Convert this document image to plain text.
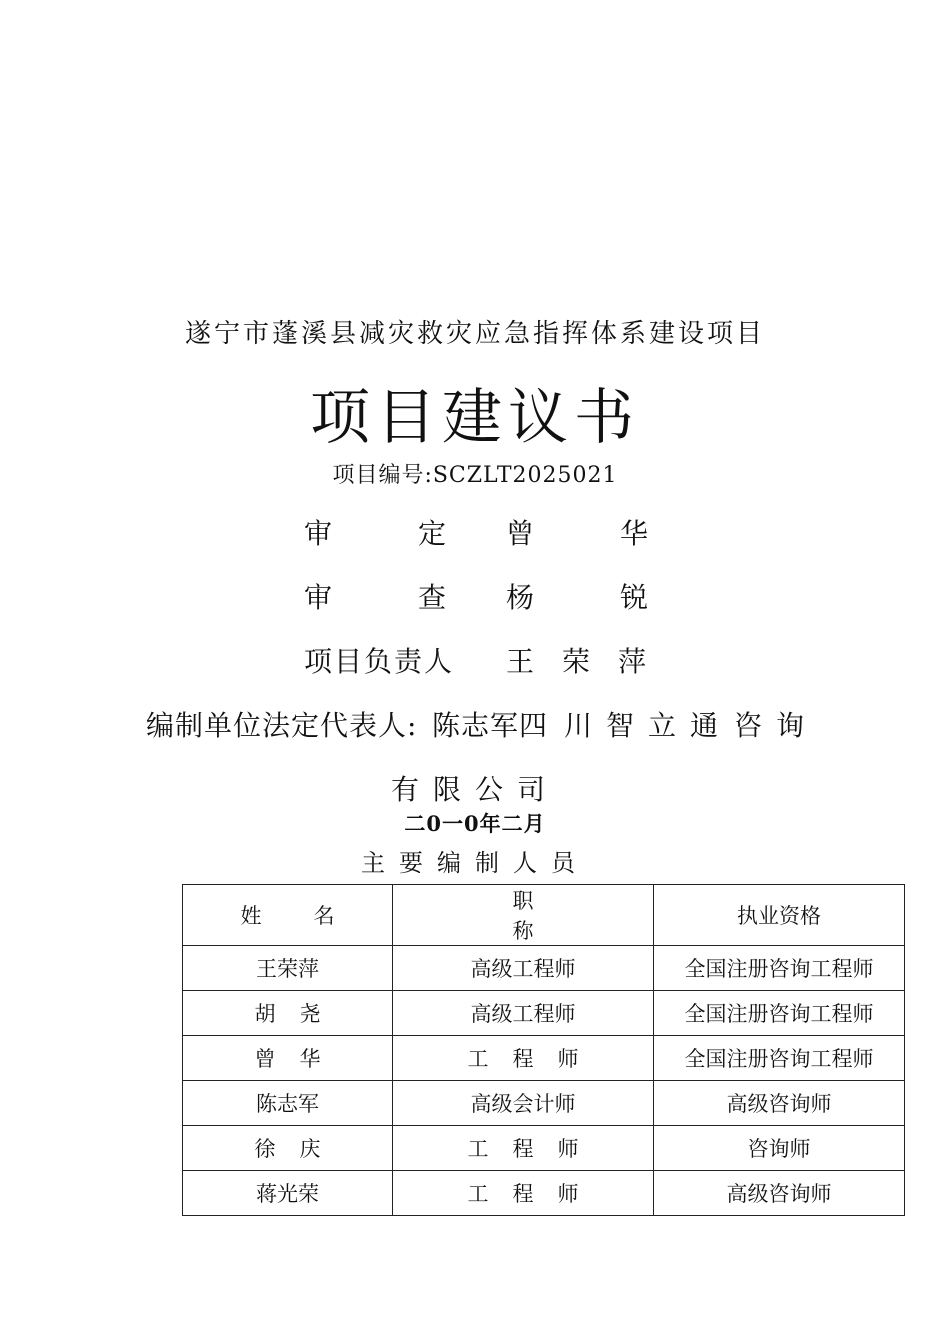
遂宁市蓬溪县减灾救灾应急指挥体系建设项目
项目建议书
项目编号:SCZLT2025021
审	定 曾	华
审	查 杨	锐
项目负责人 王 荣 萍
编制单位法定代表人: 陈志军四 川 智 立 通 咨 询
有限公司
二0一0年二月
主要编制人员
姓名	职称	执业资格
王荣萍	高级工程师	全国注册咨询工程师
胡尧	高级工程师	全国注册咨询工程师
曾华	工程师	全国注册咨询工程师
陈志军	高级会计师	高级咨询师
徐庆	工程师	咨询师
蒋光荣	工程师	高级咨询师
